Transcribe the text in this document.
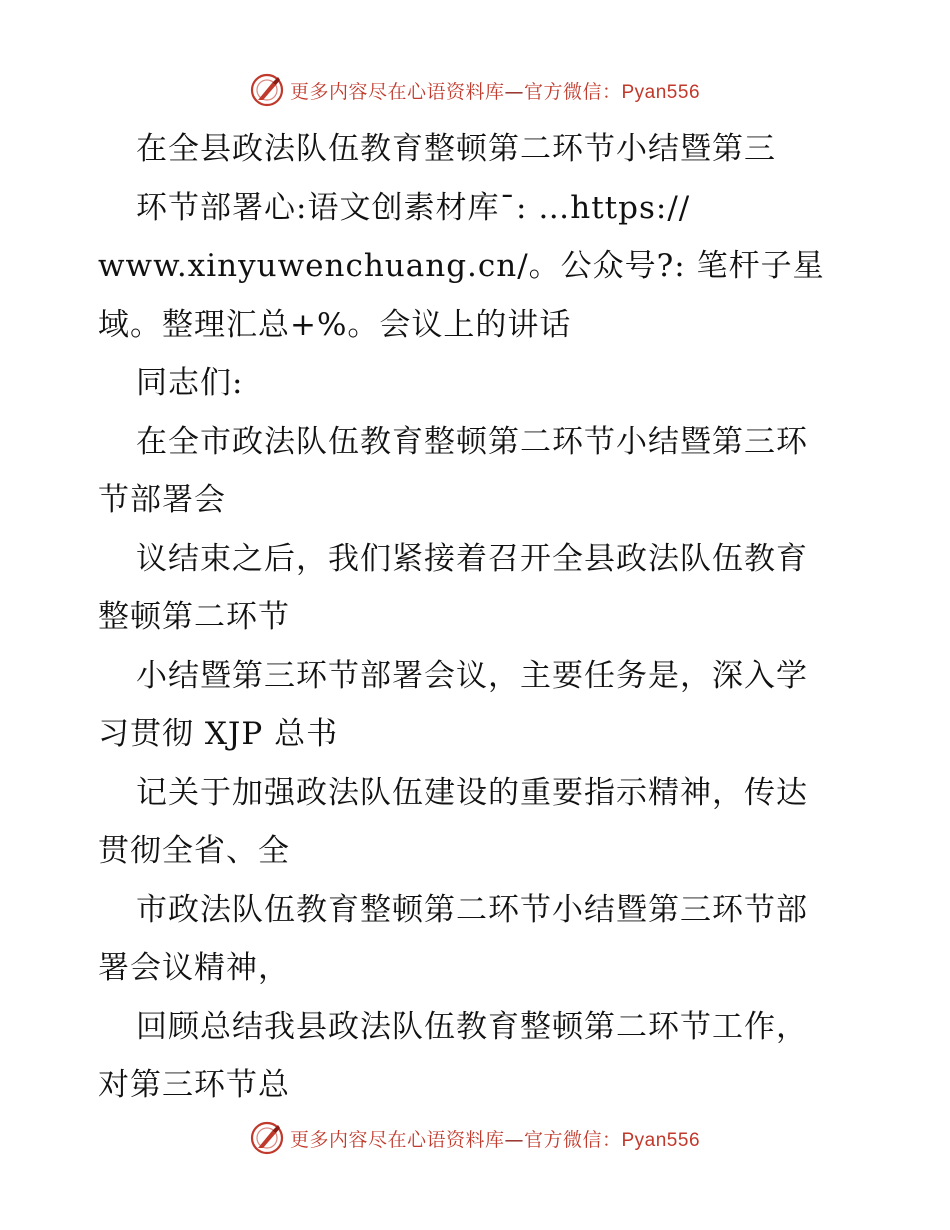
更多内容尽在心语资料库—官方微信：Pyan556
在全县政法队伍教育整顿第二环节小结暨第三
环节部署心:语文创素材库¯: …https://
www.xinyuwenchuang.cn/。公众号?: 笔杆子星
域。整理汇总+%。会议上的讲话
同志们:
在全市政法队伍教育整顿第二环节小结暨第三环
节部署会
议结束之后，我们紧接着召开全县政法队伍教育
整顿第二环节
小结暨第三环节部署会议，主要任务是，深入学
习贯彻 XJP 总书
记关于加强政法队伍建设的重要指示精神，传达
贯彻全省、全
市政法队伍教育整顿第二环节小结暨第三环节部
署会议精神，
回顾总结我县政法队伍教育整顿第二环节工作，
对第三环节总
更多内容尽在心语资料库—官方微信：Pyan556
